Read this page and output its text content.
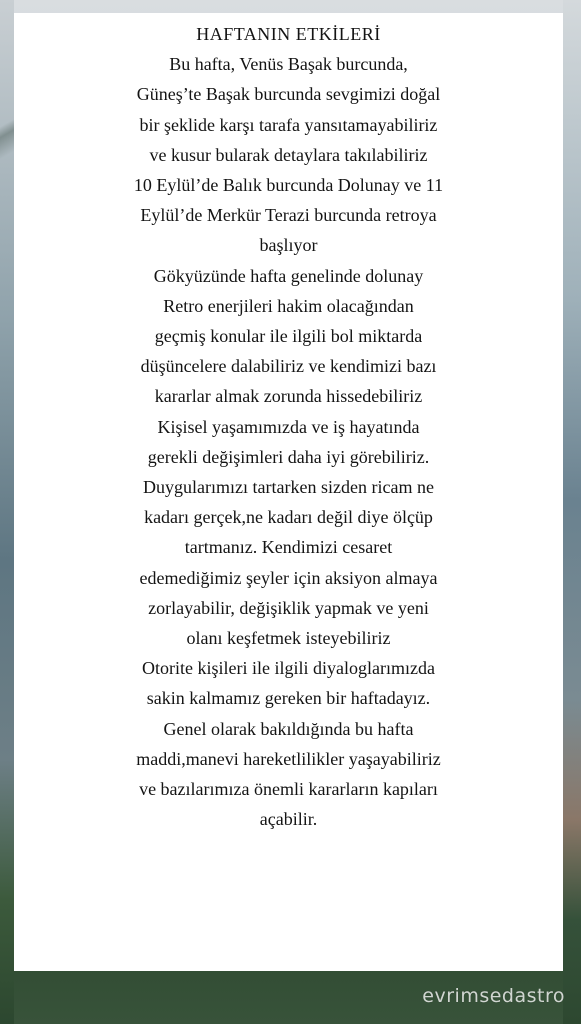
HAFTANIN ETKİLERİ
Bu hafta, Venüs Başak burcunda,
Güneş’te Başak burcunda sevgimizi doğal
bir şeklide karşı tarafa yansıtamayabiliriz
ve kusur bularak detaylara takılabiliriz
10 Eylül’de Balık burcunda Dolunay ve 11
Eylül’de Merkür Terazi burcunda retroya
başlıyor
Gökyüzünde hafta genelinde dolunay
Retro enerjileri hakim olacağından
geçmiş konular ile ilgili bol miktarda
düşüncelere dalabiliriz ve kendimizi bazı
kararlar almak zorunda hissedebiliriz
Kişisel yaşamımızda ve iş hayatında
gerekli değişimleri daha iyi görebiliriz.
Duygularımızı tartarken sizden ricam ne
kadarı gerçek,ne kadarı değil diye ölçüp
tartmanız. Kendimizi cesaret
edemediğimiz şeyler için aksiyon almaya
zorlayabilir, değişiklik yapmak ve yeni
olanı keşfetmek isteyebiliriz
Otorite kişileri ile ilgili diyaloglarımızda
sakin kalmamız gereken bir haftadayız.
Genel olarak bakıldığında bu hafta
maddi,manevi hareketlilikler yaşayabiliriz
ve bazılarımıza önemli kararların kapıları
açabilir.
evrimsedastro
